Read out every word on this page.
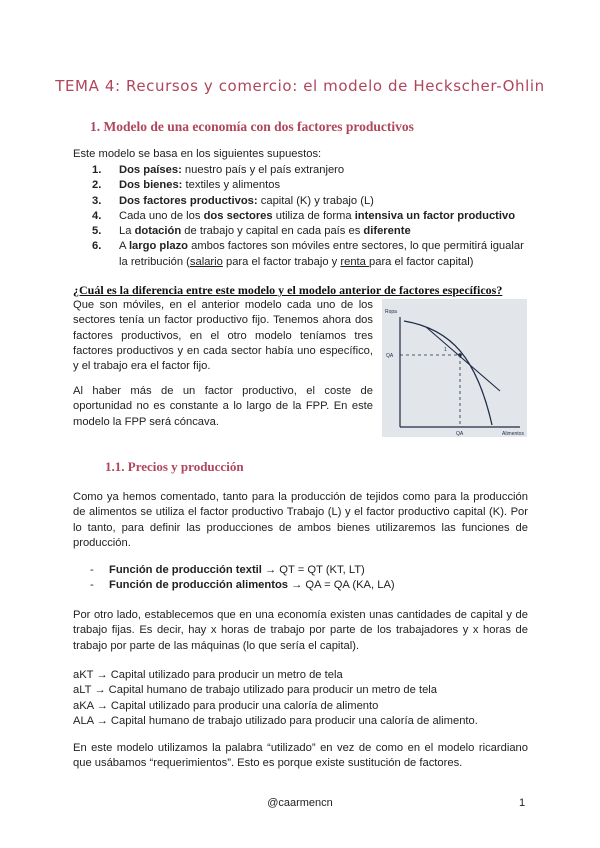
TEMA 4: Recursos y comercio: el modelo de Heckscher-Ohlin
1. Modelo de una economía con dos factores productivos
Este modelo se basa en los siguientes supuestos:
1. Dos países: nuestro país y el país extranjero
2. Dos bienes: textiles y alimentos
3. Dos factores productivos: capital (K) y trabajo (L)
4. Cada uno de los dos sectores utiliza de forma intensiva un factor productivo
5. La dotación de trabajo y capital en cada país es diferente
6. A largo plazo ambos factores son móviles entre sectores, lo que permitirá igualar la retribución (salario para el factor trabajo y renta para el factor capital)
¿Cuál es la diferencia entre este modelo y el modelo anterior de factores específicos?
Que son móviles, en el anterior modelo cada uno de los sectores tenía un factor productivo fijo. Tenemos ahora dos factores productivos, en el otro modelo teníamos tres factores productivos y en cada sector había uno específico, y el trabajo era el factor fijo.
Al haber más de un factor productivo, el coste de oportunidad no es constante a lo largo de la FPP. En este modelo la FPP será cóncava.
Ropa
Alimentos
QA
QA
1
1.1. Precios y producción
Como ya hemos comentado, tanto para la producción de tejidos como para la producción de alimentos se utiliza el factor productivo Trabajo (L) y el factor productivo capital (K). Por lo tanto, para definir las producciones de ambos bienes utilizaremos las funciones de producción.
- Función de producción textil → QT = QT (KT, LT)
- Función de producción alimentos → QA = QA (KA, LA)
Por otro lado, establecemos que en una economía existen unas cantidades de capital y de trabajo fijas. Es decir, hay x horas de trabajo por parte de los trabajadores y x horas de trabajo por parte de las máquinas (lo que sería el capital).
aKT → Capital utilizado para producir un metro de tela
aLT → Capital humano de trabajo utilizado para producir un metro de tela
aKA → Capital utilizado para producir una caloría de alimento
ALA → Capital humano de trabajo utilizado para producir una caloría de alimento.
En este modelo utilizamos la palabra “utilizado” en vez de como en el modelo ricardiano que usábamos “requerimientos”. Esto es porque existe sustitución de factores.
@caarmencn	1
